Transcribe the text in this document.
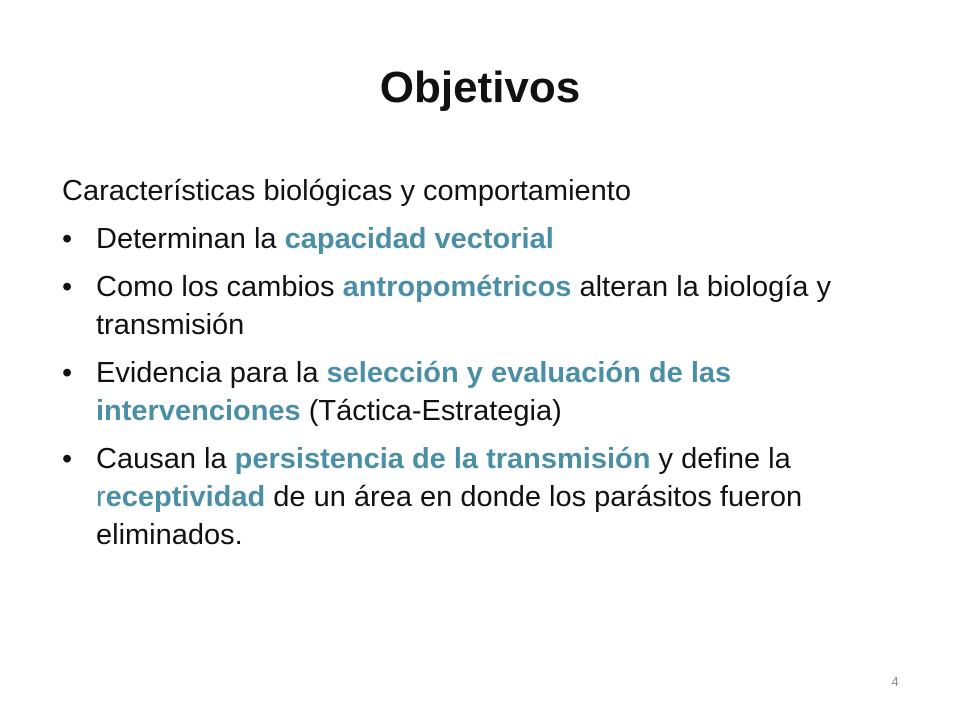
Objetivos
Características biológicas y comportamiento
• Determinan la capacidad vectorial
• Como los cambios antropométricos alteran la biología y transmisión
• Evidencia para la selección y evaluación de las intervenciones (Táctica-Estrategia)
• Causan la persistencia de la transmisión y define la receptividad de un área en donde los parásitos fueron eliminados.
4
